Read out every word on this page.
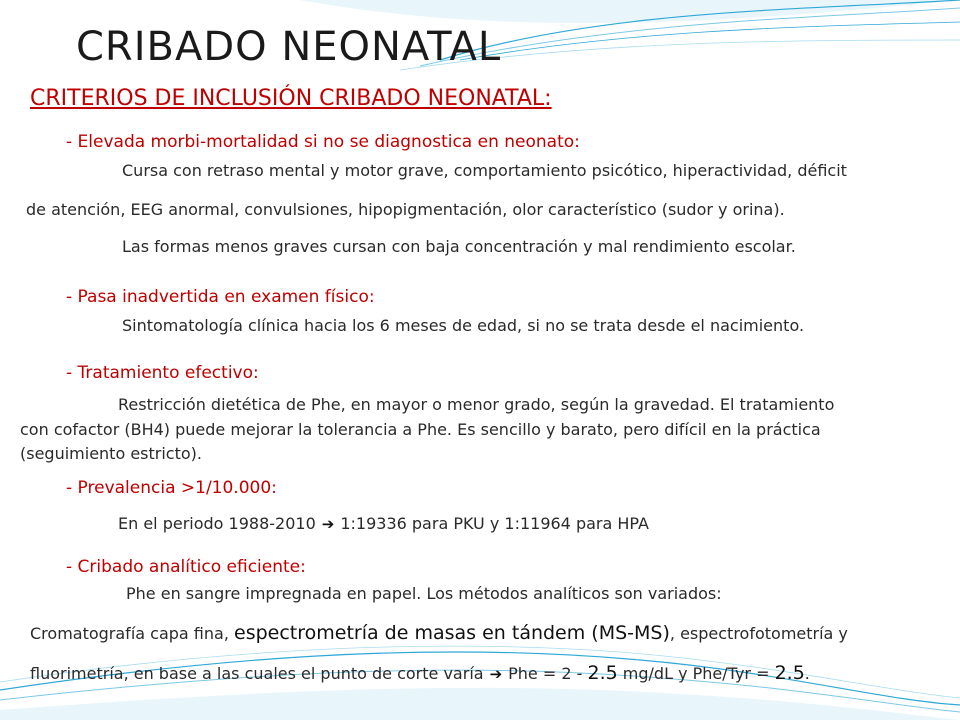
CRIBADO NEONATAL
CRITERIOS DE INCLUSIÓN CRIBADO NEONATAL:
- Elevada morbi-mortalidad si no se diagnostica en neonato:
Cursa con retraso mental y motor grave, comportamiento psicótico, hiperactividad, déficit
de atención, EEG anormal, convulsiones, hipopigmentación, olor característico (sudor y orina).
Las formas menos graves cursan con baja concentración y mal rendimiento escolar.
- Pasa inadvertida en examen físico:
Sintomatología clínica hacia los 6 meses de edad, si no se trata desde el nacimiento.
- Tratamiento efectivo:
Restricción dietética de Phe, en mayor o menor grado, según la gravedad. El tratamiento
con cofactor (BH4) puede mejorar la tolerancia a Phe. Es sencillo y barato, pero difícil en la práctica
(seguimiento estricto).
- Prevalencia >1/10.000:
En el periodo 1988-2010 ➔ 1:19336 para PKU y 1:11964 para HPA
- Cribado analítico eficiente:
Phe en sangre impregnada en papel. Los métodos analíticos son variados:
Cromatografía capa fina, espectrometría de masas en tándem (MS-MS), espectrofotometría y
fluorimetría, en base a las cuales el punto de corte varía ➔ Phe = 2 - 2.5 mg/dL y Phe/Tyr = 2.5.
